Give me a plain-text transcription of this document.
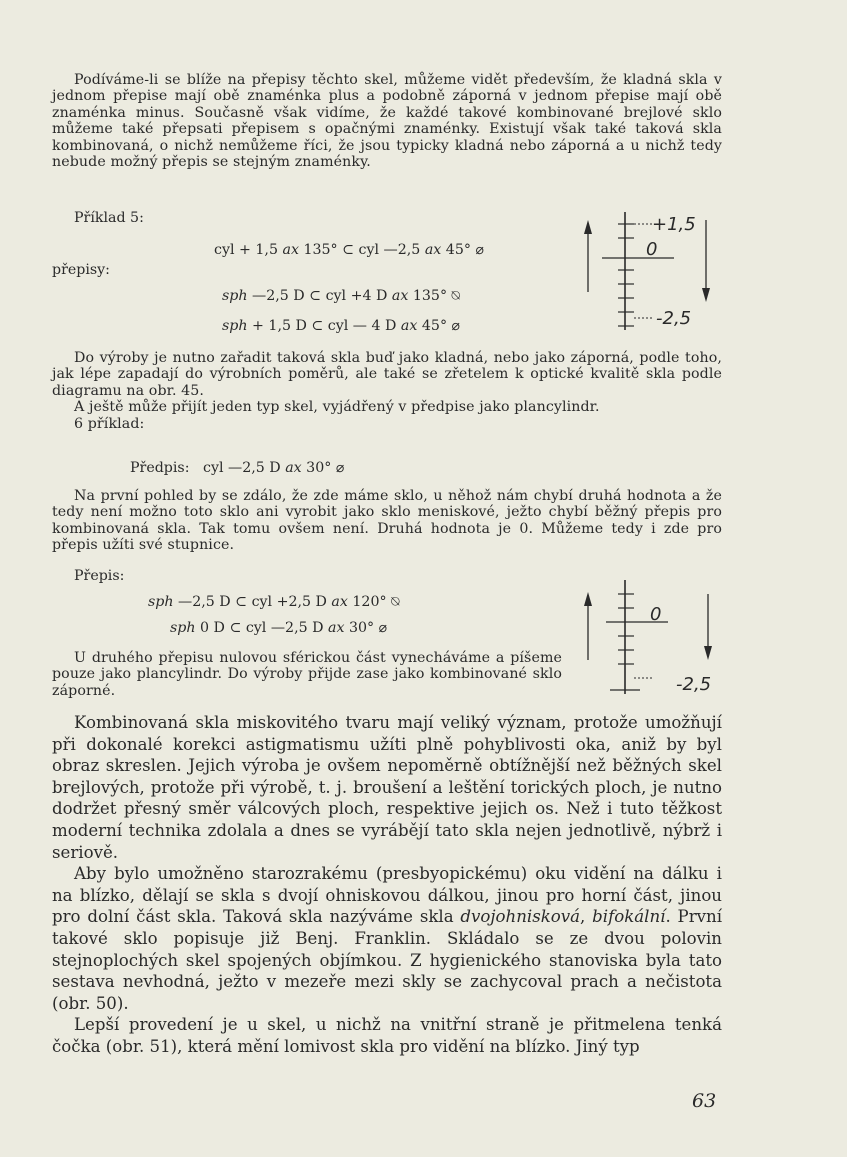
Podíváme-li se blíže na přepisy těchto skel, můžeme vidět především, že kladná skla v jednom přepise mají obě znaménka plus a podobně záporná v jednom přepise mají obě znaménka minus. Současně však vidíme, že každé takové kombinované brejlové sklo můžeme také přepsati přepisem s opačnými znaménky. Existují však také taková skla kombinovaná, o nichž nemůžeme říci, že jsou typicky kladná nebo záporná a u nichž tedy nebude možný přepis se stejným znaménky.

Příklad 5:
cyl + 1,5 ax 135° ⊂ cyl —2,5 ax 45° ⌀
přepisy:
sph —2,5 D ⊂ cyl +4 D ax 135° ⍉
sph + 1,5 D ⊂ cyl — 4 D ax 45° ⌀
+1,5
0
-2,5

Do výroby je nutno zařadit taková skla buď jako kladná, nebo jako záporná, podle toho, jak lépe zapadají do výrobních poměrů, ale také se zřetelem k optické kvalitě skla podle diagramu na obr. 45.

A ještě může přijít jeden typ skel, vyjádřený v předpise jako plancylindr.

6 příklad:

Předpis: cyl —2,5 D ax 30° ⌀

Na první pohled by se zdálo, že zde máme sklo, u něhož nám chybí druhá hodnota a že tedy není možno toto sklo ani vyrobit jako sklo meniskové, ježto chybí běžný přepis pro kombinovaná skla. Tak tomu ovšem není. Druhá hodnota je 0. Můžeme tedy i zde pro přepis užíti své stupnice.

Přepis:
sph —2,5 D ⊂ cyl +2,5 D ax 120° ⍉
sph 0 D ⊂ cyl —2,5 D ax 30° ⌀

U druhého přepisu nulovou sférickou část vynecháváme a píšeme pouze jako plancylindr. Do výroby přijde zase jako kombinované sklo záporné.

0
-2,5

Kombinovaná skla miskovitého tvaru mají veliký význam, protože umožňují při dokonalé korekci astigmatismu užíti plně pohyblivosti oka, aniž by byl obraz skreslen. Jejich výroba je ovšem nepoměrně obtížnější než běžných skel brejlových, protože při výrobě, t. j. broušení a leštění torických ploch, je nutno dodržet přesný směr válcových ploch, respektive jejich os. Než i tuto těžkost moderní technika zdolala a dnes se vyrábějí tato skla nejen jednotlivě, nýbrž i seriově.

Aby bylo umožněno starozrakému (presbyopickému) oku vidění na dálku i na blízko, dělají se skla s dvojí ohniskovou dálkou, jinou pro horní část, jinou pro dolní část skla. Taková skla nazýváme skla dvojohnisková, bifokální. První takové sklo popisuje již Benj. Franklin. Skládalo se ze dvou polovin stejnoplochých skel spojených objímkou. Z hygienického stanoviska byla tato sestava nevhodná, ježto v mezeře mezi skly se zachycoval prach a nečistota (obr. 50).

Lepší provedení je u skel, u nichž na vnitřní straně je přitmelena tenká čočka (obr. 51), která mění lomivost skla pro vidění na blízko. Jiný typ

63
